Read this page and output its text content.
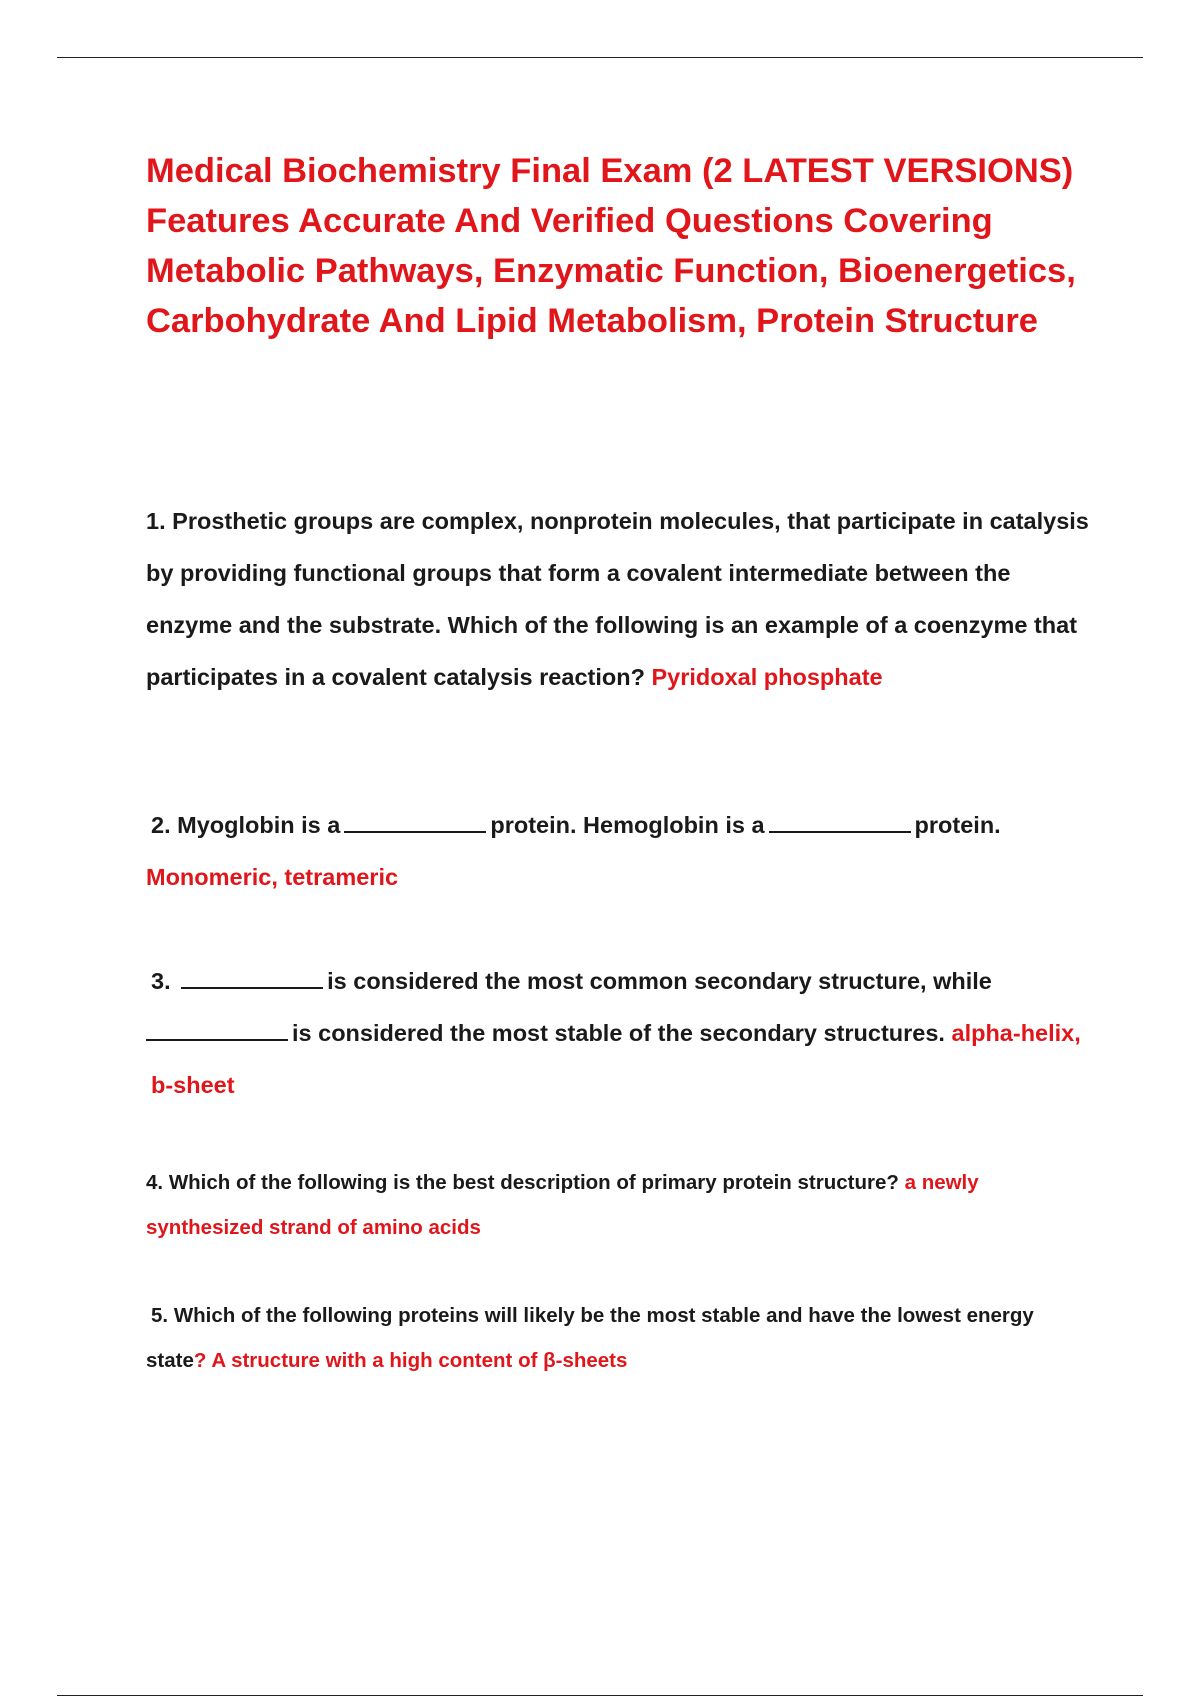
Medical Biochemistry Final Exam (2 LATEST VERSIONS) Features Accurate And Verified Questions Covering Metabolic Pathways, Enzymatic Function, Bioenergetics, Carbohydrate And Lipid Metabolism, Protein Structure

1. Prosthetic groups are complex, nonprotein molecules, that participate in catalysis by providing functional groups that form a covalent intermediate between the enzyme and the substrate. Which of the following is an example of a coenzyme that participates in a covalent catalysis reaction? Pyridoxal phosphate

2. Myoglobin is a	protein. Hemoglobin is a	protein.
Monomeric, tetrameric

3.	is considered the most common secondary structure, while
is considered the most stable of the secondary structures. alpha-helix, b-sheet

4. Which of the following is the best description of primary protein structure? a newly synthesized strand of amino acids

5. Which of the following proteins will likely be the most stable and have the lowest energy state? A structure with a high content of β-sheets
